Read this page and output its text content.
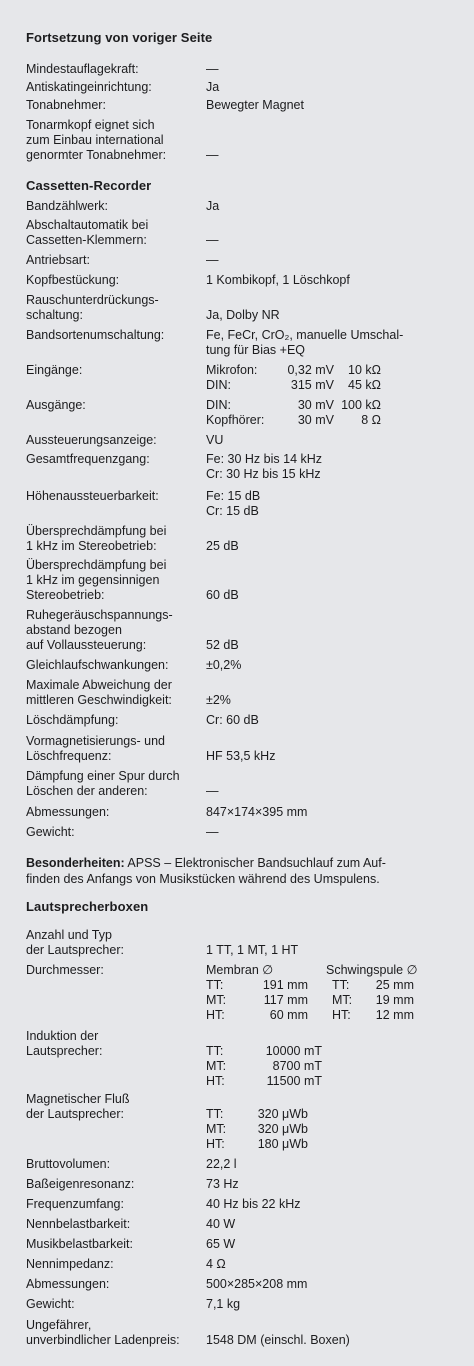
Fortsetzung von voriger Seite
Mindestauflagekraft:	—
Antiskatingeinrichtung:	Ja
Tonabnehmer:	Bewegter Magnet
Tonarmkopf eignet sich
zum Einbau international
genormter Tonabnehmer:	—
Cassetten-Recorder
Bandzählwerk:	Ja
Abschaltautomatik bei
Cassetten-Klemmern:	—
Antriebsart:	—
Kopfbestückung:	1 Kombikopf, 1 Löschkopf
Rauschunterdrückungs-
schaltung:	Ja, Dolby NR
Bandsortenumschaltung:	Fe, FeCr, CrO₂, manuelle Umschal-
tung für Bias +EQ
Eingänge:	Mikrofon: 0,32 mV 10 kΩ
DIN:	315 mV 45 kΩ
Ausgänge:	DIN:	30 mV 100 kΩ
Kopfhörer:	30 mV 8 Ω
Aussteuerungsanzeige:	VU
Gesamtfrequenzgang:	Fe: 30 Hz bis 14 kHz
Cr: 30 Hz bis 15 kHz
Höhenaussteuerbarkeit:	Fe: 15 dB
Cr: 15 dB
Übersprechdämpfung bei
1 kHz im Stereobetrieb:	25 dB
Übersprechdämpfung bei
1 kHz im gegensinnigen
Stereobetrieb:	60 dB
Ruhegeräuschspannungs-
abstand bezogen
auf Vollaussteuerung:	52 dB
Gleichlaufschwankungen:	±0,2%
Maximale Abweichung der
mittleren Geschwindigkeit:	±2%
Löschdämpfung:	Cr: 60 dB
Vormagnetisierungs- und
Löschfrequenz:	HF 53,5 kHz
Dämpfung einer Spur durch
Löschen der anderen:	—
Abmessungen:	847×174×395 mm
Gewicht:	—
Besonderheiten: APSS – Elektronischer Bandsuchlauf zum Auf-
finden des Anfangs von Musikstücken während des Umspulens.
Lautsprecherboxen
Anzahl und Typ
der Lautsprecher:	1 TT, 1 MT, 1 HT
Durchmesser:	Membran ∅	Schwingspule ∅
TT:	191 mm TT: 25 mm
MT:	117 mm MT: 19 mm
HT:	60 mm HT: 12 mm
Induktion der
Lautsprecher:	TT:	10000 mT
MT:	8700 mT
HT:	11500 mT
Magnetischer Fluß
der Lautsprecher:	TT:	320 μWb
MT:	320 μWb
HT:	180 μWb
Bruttovolumen:	22,2 l
Baßeigenresonanz:	73 Hz
Frequenzumfang:	40 Hz bis 22 kHz
Nennbelastbarkeit:	40 W
Musikbelastbarkeit:	65 W
Nennimpedanz:	4 Ω
Abmessungen:	500×285×208 mm
Gewicht:	7,1 kg
Ungefährer,
unverbindlicher Ladenpreis:	1548 DM (einschl. Boxen)
